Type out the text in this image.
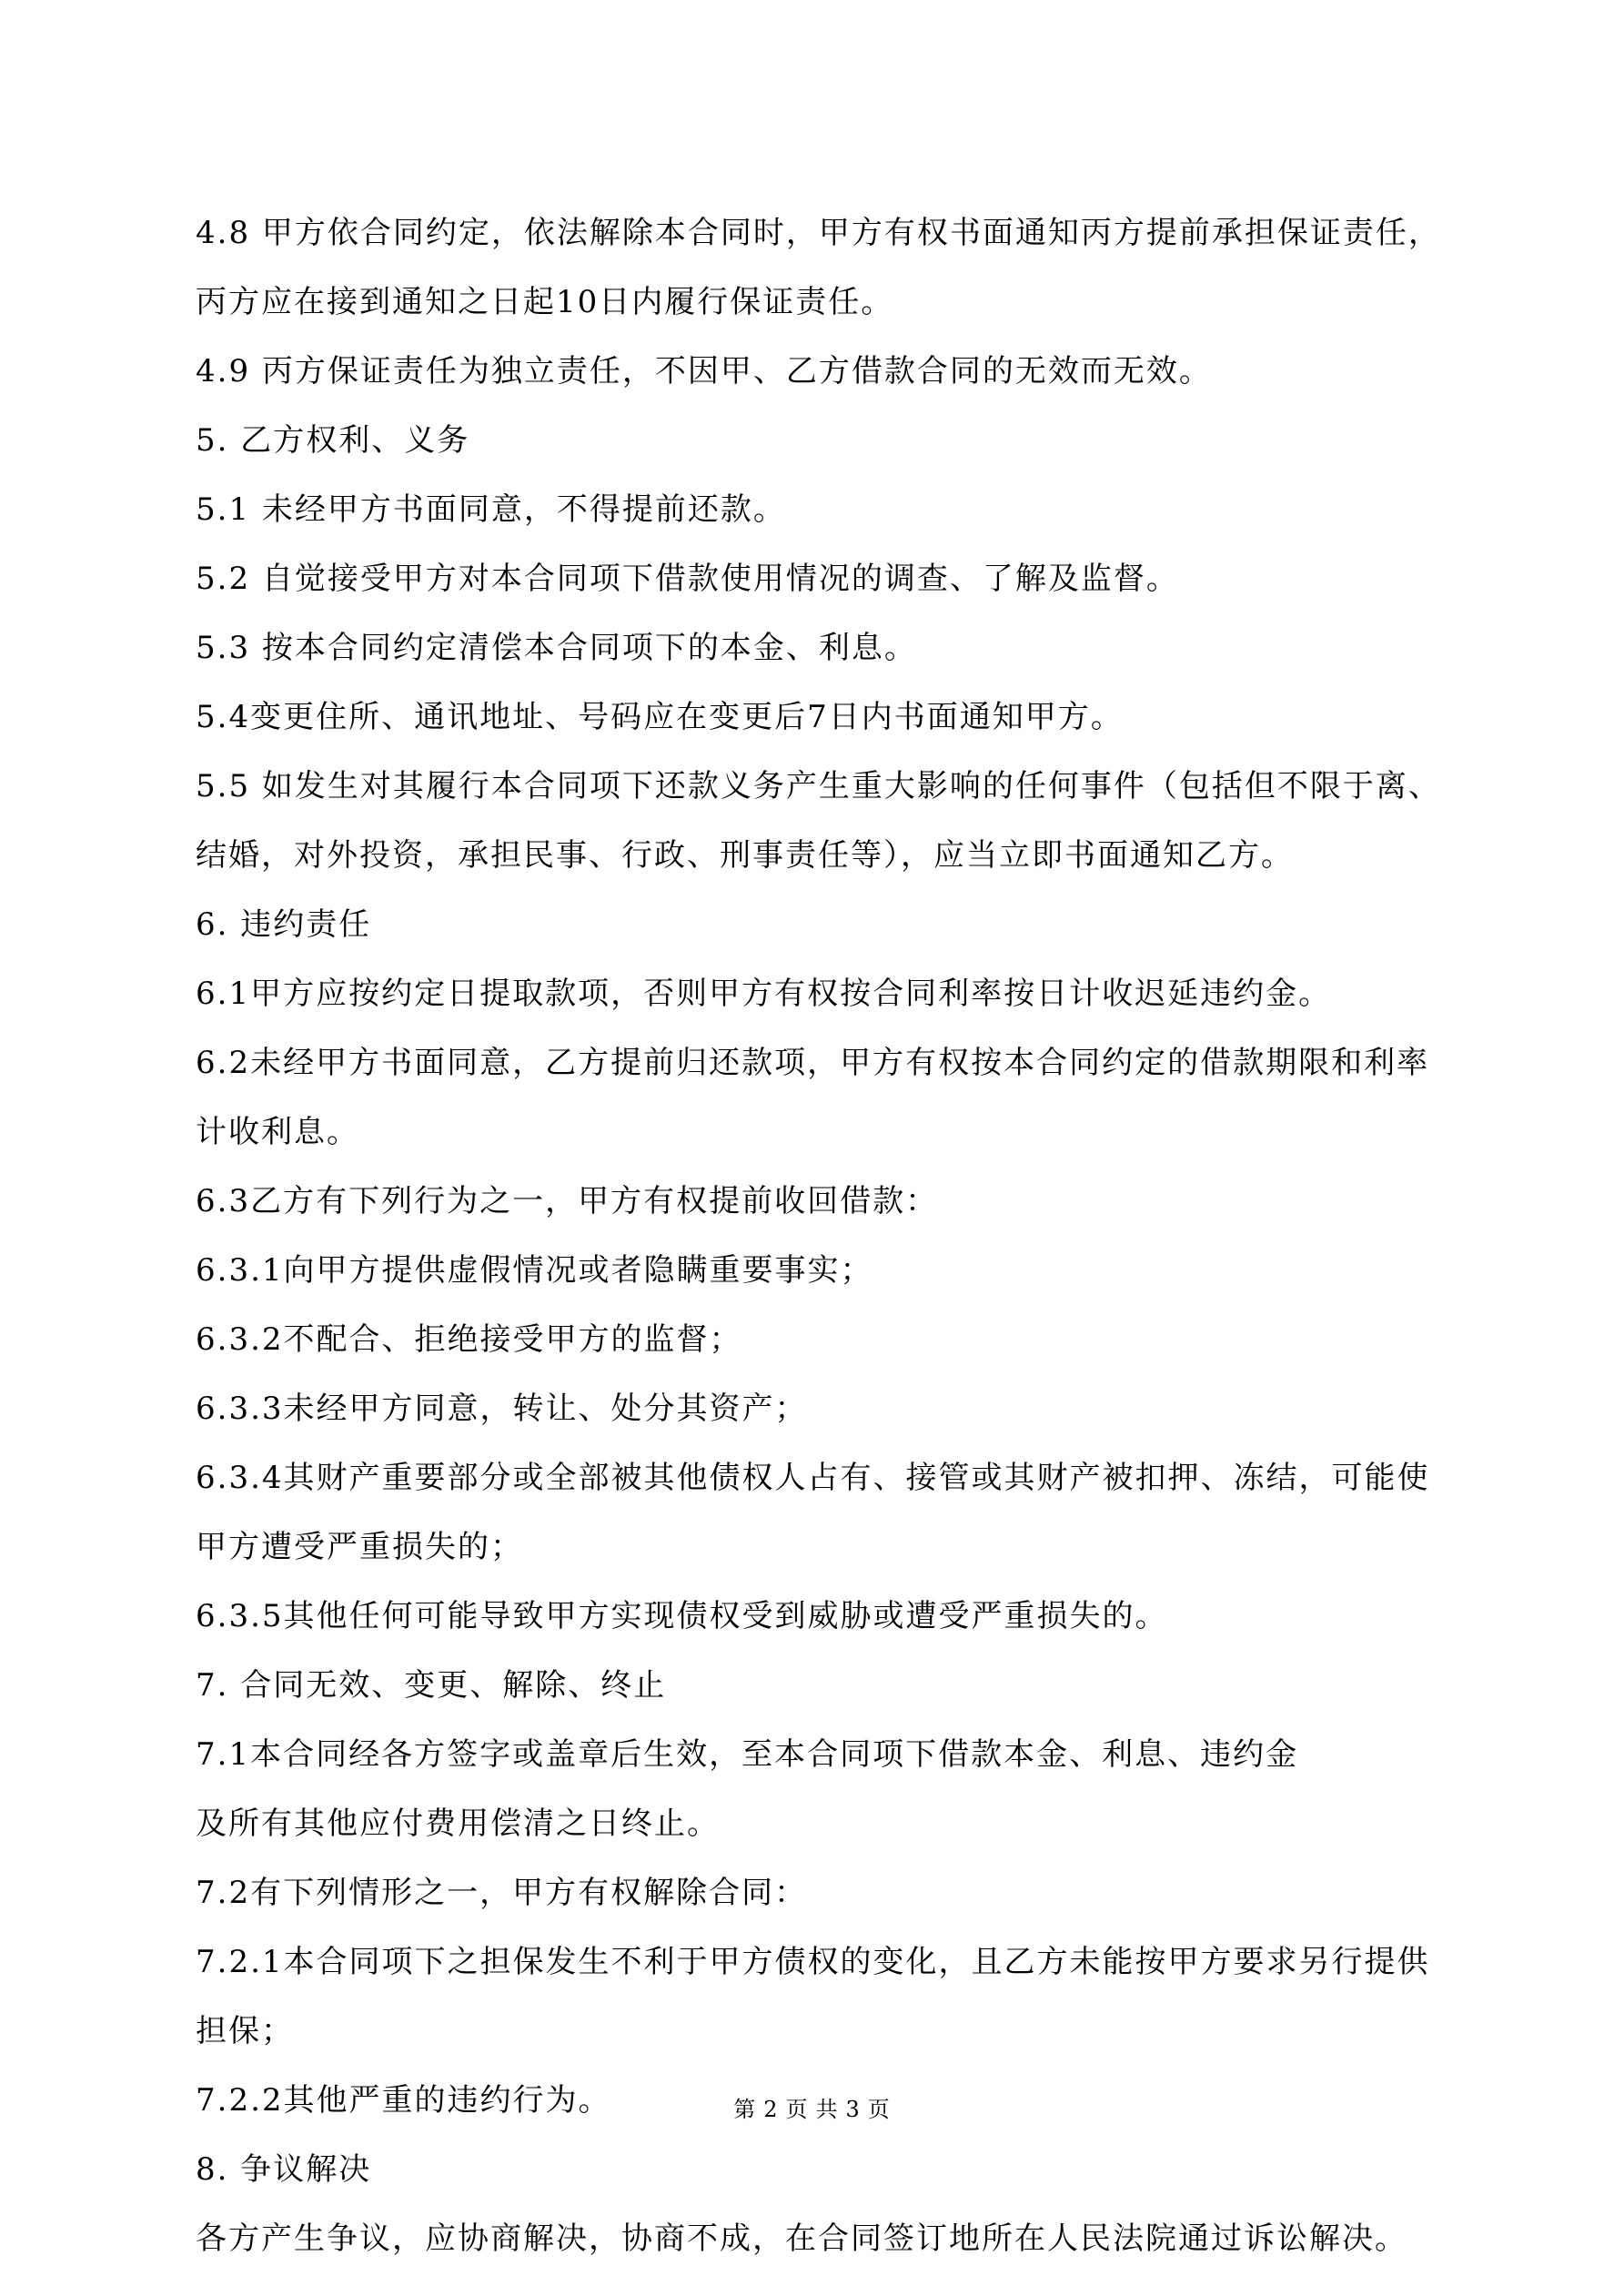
4.8 甲方依合同约定，依法解除本合同时，甲方有权书面通知丙方提前承担保证责任，
丙方应在接到通知之日起10日内履行保证责任。
4.9 丙方保证责任为独立责任，不因甲、乙方借款合同的无效而无效。
5. 乙方权利、义务
5.1 未经甲方书面同意，不得提前还款。
5.2 自觉接受甲方对本合同项下借款使用情况的调查、了解及监督。
5.3 按本合同约定清偿本合同项下的本金、利息。
5.4变更住所、通讯地址、号码应在变更后7日内书面通知甲方。
5.5 如发生对其履行本合同项下还款义务产生重大影响的任何事件（包括但不限于离、
结婚，对外投资，承担民事、行政、刑事责任等），应当立即书面通知乙方。
6. 违约责任
6.1甲方应按约定日提取款项，否则甲方有权按合同利率按日计收迟延违约金。
6.2未经甲方书面同意，乙方提前归还款项，甲方有权按本合同约定的借款期限和利率
计收利息。
6.3乙方有下列行为之一，甲方有权提前收回借款：
6.3.1向甲方提供虚假情况或者隐瞒重要事实；
6.3.2不配合、拒绝接受甲方的监督；
6.3.3未经甲方同意，转让、处分其资产；
6.3.4其财产重要部分或全部被其他债权人占有、接管或其财产被扣押、冻结，可能使
甲方遭受严重损失的；
6.3.5其他任何可能导致甲方实现债权受到威胁或遭受严重损失的。
7. 合同无效、变更、解除、终止
7.1本合同经各方签字或盖章后生效，至本合同项下借款本金、利息、违约金
及所有其他应付费用偿清之日终止。
7.2有下列情形之一，甲方有权解除合同：
7.2.1本合同项下之担保发生不利于甲方债权的变化，且乙方未能按甲方要求另行提供
担保；
7.2.2其他严重的违约行为。
8. 争议解决
各方产生争议，应协商解决，协商不成，在合同签订地所在人民法院通过诉讼解决。
第 2 页 共 3 页
